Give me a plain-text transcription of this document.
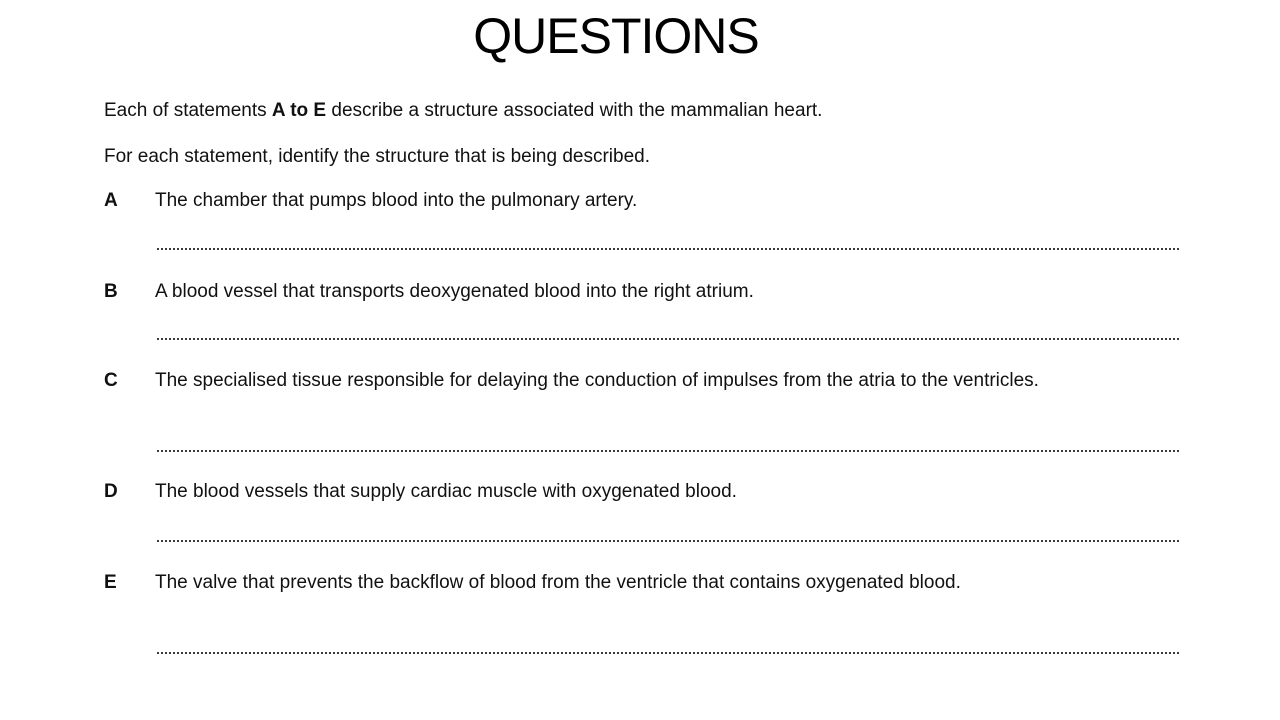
QUESTIONS
Each of statements A to E describe a structure associated with the mammalian heart.
For each statement, identify the structure that is being described.
A The chamber that pumps blood into the pulmonary artery.
B A blood vessel that transports deoxygenated blood into the right atrium.
C The specialised tissue responsible for delaying the conduction of impulses from the atria to the ventricles.
D The blood vessels that supply cardiac muscle with oxygenated blood.
E The valve that prevents the backflow of blood from the ventricle that contains oxygenated blood.
